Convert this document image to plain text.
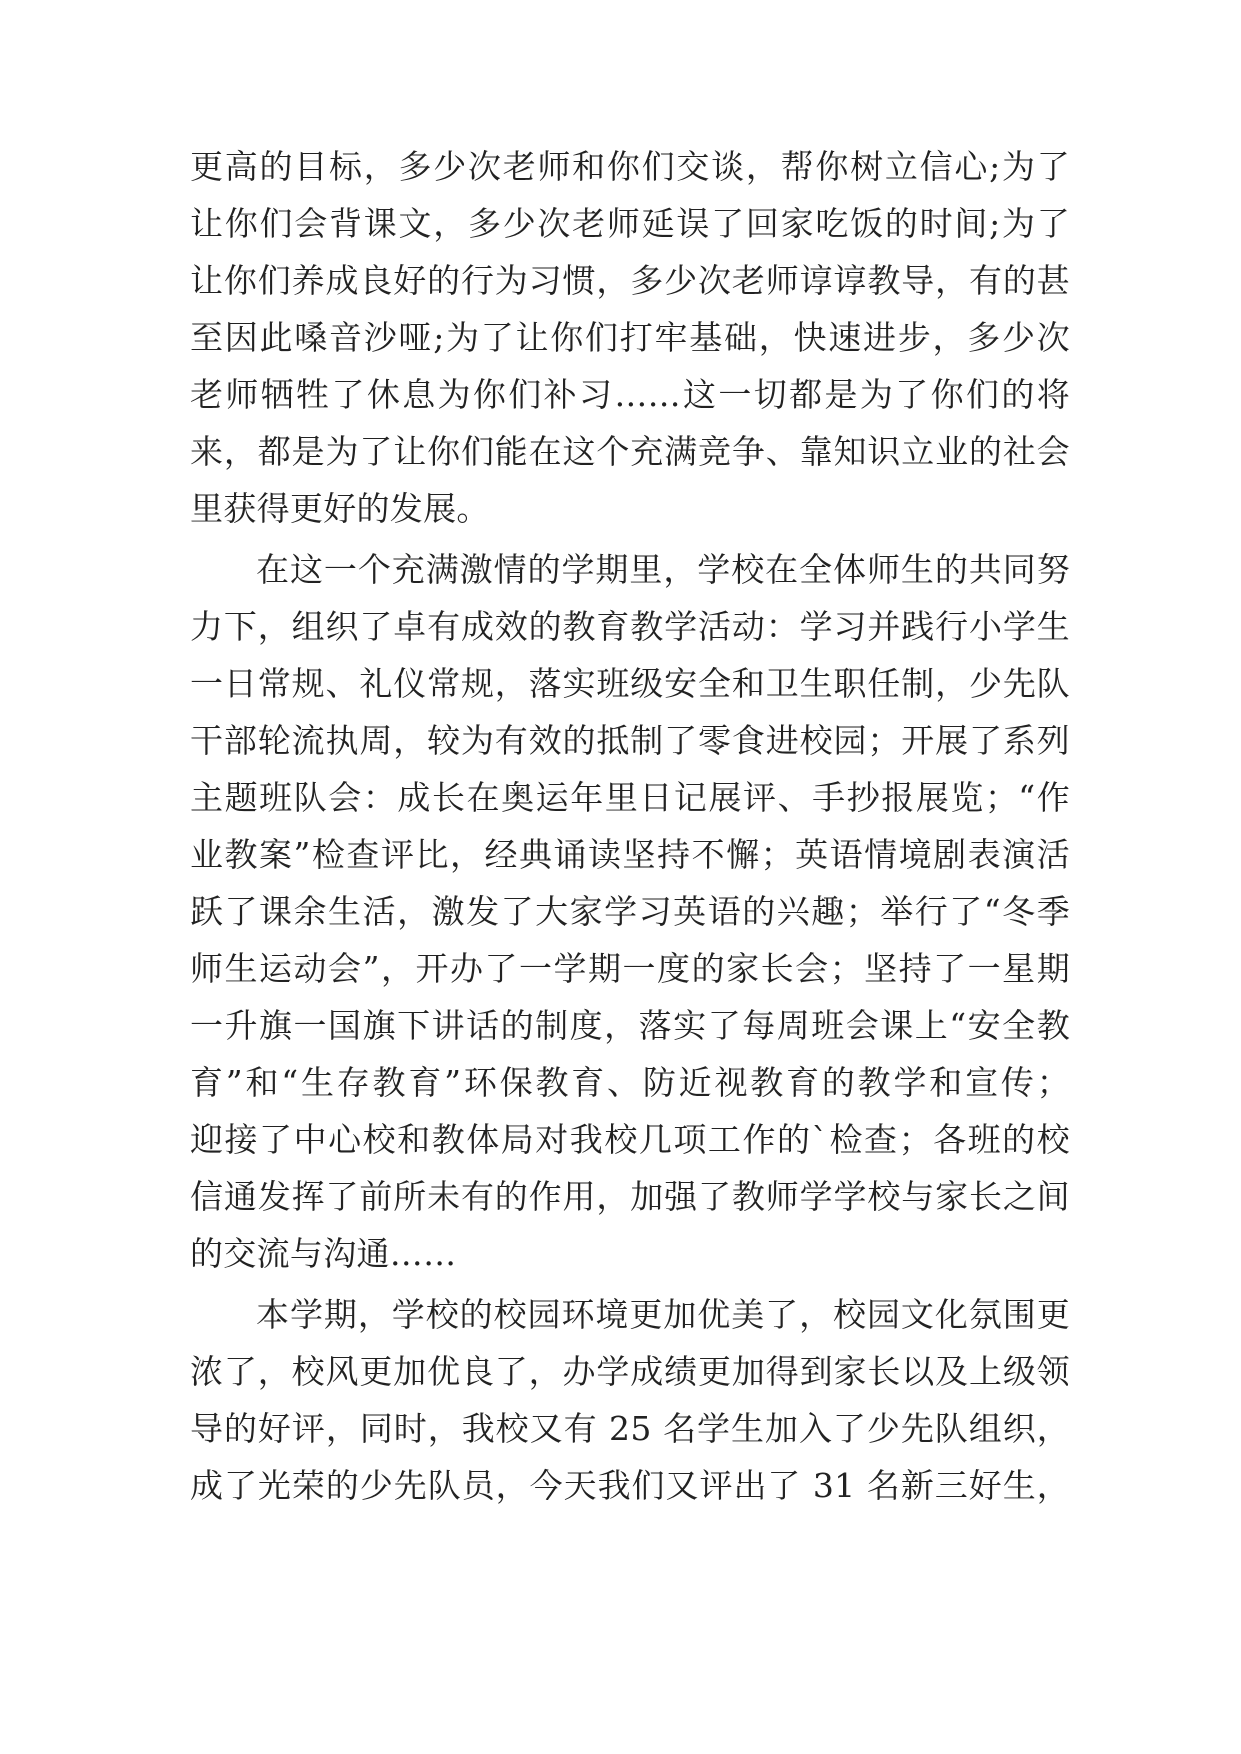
更高的目标，多少次老师和你们交谈，帮你树立信心;为了
让你们会背课文，多少次老师延误了回家吃饭的时间;为了
让你们养成良好的行为习惯，多少次老师谆谆教导，有的甚
至因此嗓音沙哑;为了让你们打牢基础，快速进步，多少次
老师牺牲了休息为你们补习……这一切都是为了你们的将
来，都是为了让你们能在这个充满竞争、靠知识立业的社会
里获得更好的发展。
在这一个充满激情的学期里，学校在全体师生的共同努
力下，组织了卓有成效的教育教学活动：学习并践行小学生
一日常规、礼仪常规，落实班级安全和卫生职任制，少先队
干部轮流执周，较为有效的抵制了零食进校园；开展了系列
主题班队会：成长在奥运年里日记展评、手抄报展览；“作
业教案”检查评比，经典诵读坚持不懈；英语情境剧表演活
跃了课余生活，激发了大家学习英语的兴趣；举行了“冬季
师生运动会”，开办了一学期一度的家长会；坚持了一星期
一升旗一国旗下讲话的制度，落实了每周班会课上“安全教
育”和“生存教育”环保教育、防近视教育的教学和宣传；
迎接了中心校和教体局对我校几项工作的`检查；各班的校
信通发挥了前所未有的作用，加强了教师学学校与家长之间
的交流与沟通……
本学期，学校的校园环境更加优美了，校园文化氛围更
浓了，校风更加优良了，办学成绩更加得到家长以及上级领
导的好评，同时，我校又有 25 名学生加入了少先队组织，
成了光荣的少先队员，今天我们又评出了 31 名新三好生，
